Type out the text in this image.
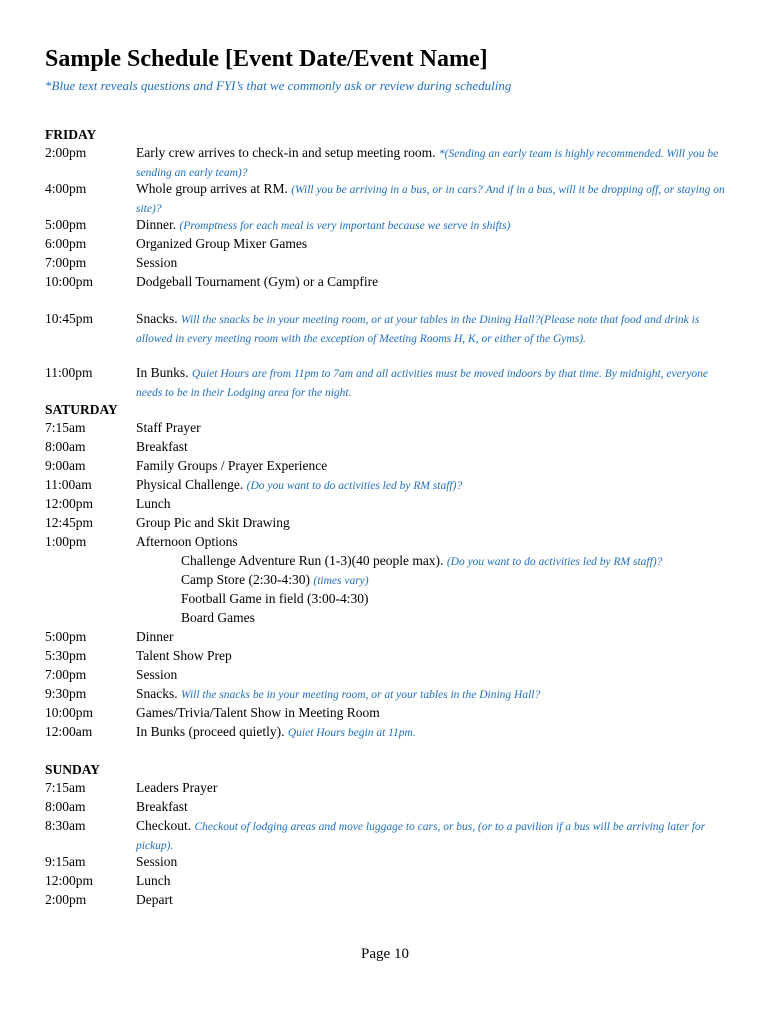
Sample Schedule [Event Date/Event Name]
*Blue text reveals questions and FYI’s that we commonly ask or review during scheduling
FRIDAY
2:00pm	Early crew arrives to check-in and setup meeting room. *(Sending an early team is highly recommended. Will you be sending an early team)?
4:00pm	Whole group arrives at RM. (Will you be arriving in a bus, or in cars? And if in a bus, will it be dropping off, or staying on site)?
5:00pm	Dinner. (Promptness for each meal is very important because we serve in shifts)
6:00pm	Organized Group Mixer Games
7:00pm	Session
10:00pm	Dodgeball Tournament (Gym) or a Campfire
10:45pm	Snacks. Will the snacks be in your meeting room, or at your tables in the Dining Hall?(Please note that food and drink is allowed in every meeting room with the exception of Meeting Rooms H, K, or either of the Gyms).
11:00pm	In Bunks. Quiet Hours are from 11pm to 7am and all activities must be moved indoors by that time. By midnight, everyone needs to be in their Lodging area for the night.
SATURDAY
7:15am	Staff Prayer
8:00am	Breakfast
9:00am	Family Groups / Prayer Experience
11:00am	Physical Challenge. (Do you want to do activities led by RM staff)?
12:00pm	Lunch
12:45pm	Group Pic and Skit Drawing
1:00pm	Afternoon Options
Challenge Adventure Run (1-3)(40 people max). (Do you want to do activities led by RM staff)?
Camp Store (2:30-4:30) (times vary)
Football Game in field (3:00-4:30)
Board Games
5:00pm	Dinner
5:30pm	Talent Show Prep
7:00pm	Session
9:30pm	Snacks. Will the snacks be in your meeting room, or at your tables in the Dining Hall?
10:00pm	Games/Trivia/Talent Show in Meeting Room
12:00am	In Bunks (proceed quietly). Quiet Hours begin at 11pm.
SUNDAY
7:15am	Leaders Prayer
8:00am	Breakfast
8:30am	Checkout. Checkout of lodging areas and move luggage to cars, or bus, (or to a pavilion if a bus will be arriving later for pickup).
9:15am	Session
12:00pm	Lunch
2:00pm	Depart
Page 10
